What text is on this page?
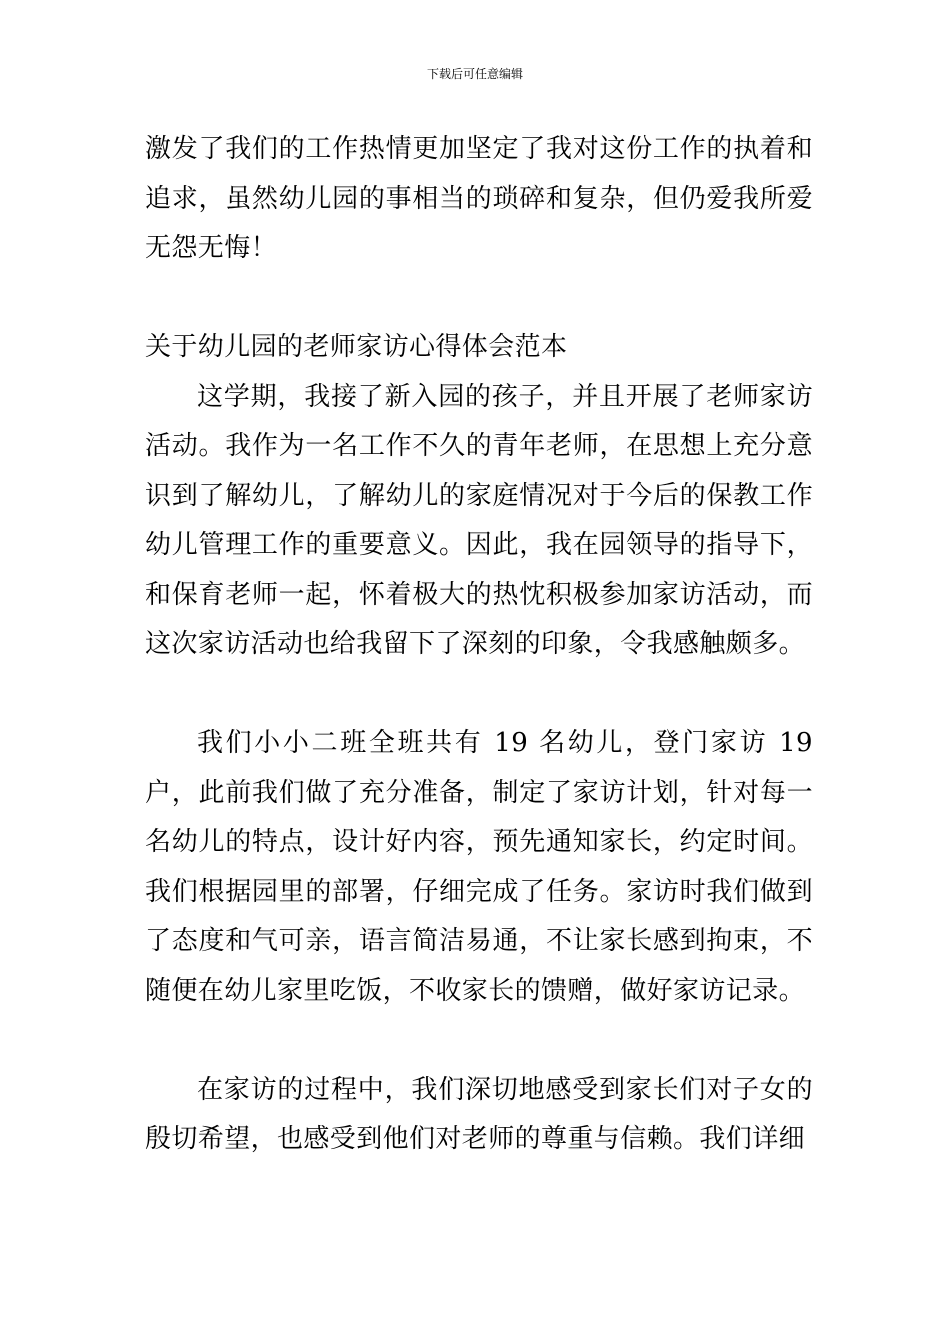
下载后可任意编辑

激发了我们的工作热情更加坚定了我对这份工作的执着和追求，虽然幼儿园的事相当的琐碎和复杂，但仍爱我所爱无怨无悔！

关于幼儿园的老师家访心得体会范本

这学期，我接了新入园的孩子，并且开展了老师家访活动。我作为一名工作不久的青年老师，在思想上充分意识到了解幼儿，了解幼儿的家庭情况对于今后的保教工作幼儿管理工作的重要意义。因此，我在园领导的指导下，和保育老师一起，怀着极大的热忱积极参加家访活动，而这次家访活动也给我留下了深刻的印象，令我感触颇多。

我们小小二班全班共有 19 名幼儿，登门家访 19 户，此前我们做了充分准备，制定了家访计划，针对每一名幼儿的特点，设计好内容，预先通知家长，约定时间。我们根据园里的部署，仔细完成了任务。家访时我们做到了态度和气可亲，语言简洁易通，不让家长感到拘束，不随便在幼儿家里吃饭，不收家长的馈赠，做好家访记录。

在家访的过程中，我们深切地感受到家长们对子女的殷切希望，也感受到他们对老师的尊重与信赖。我们详细
